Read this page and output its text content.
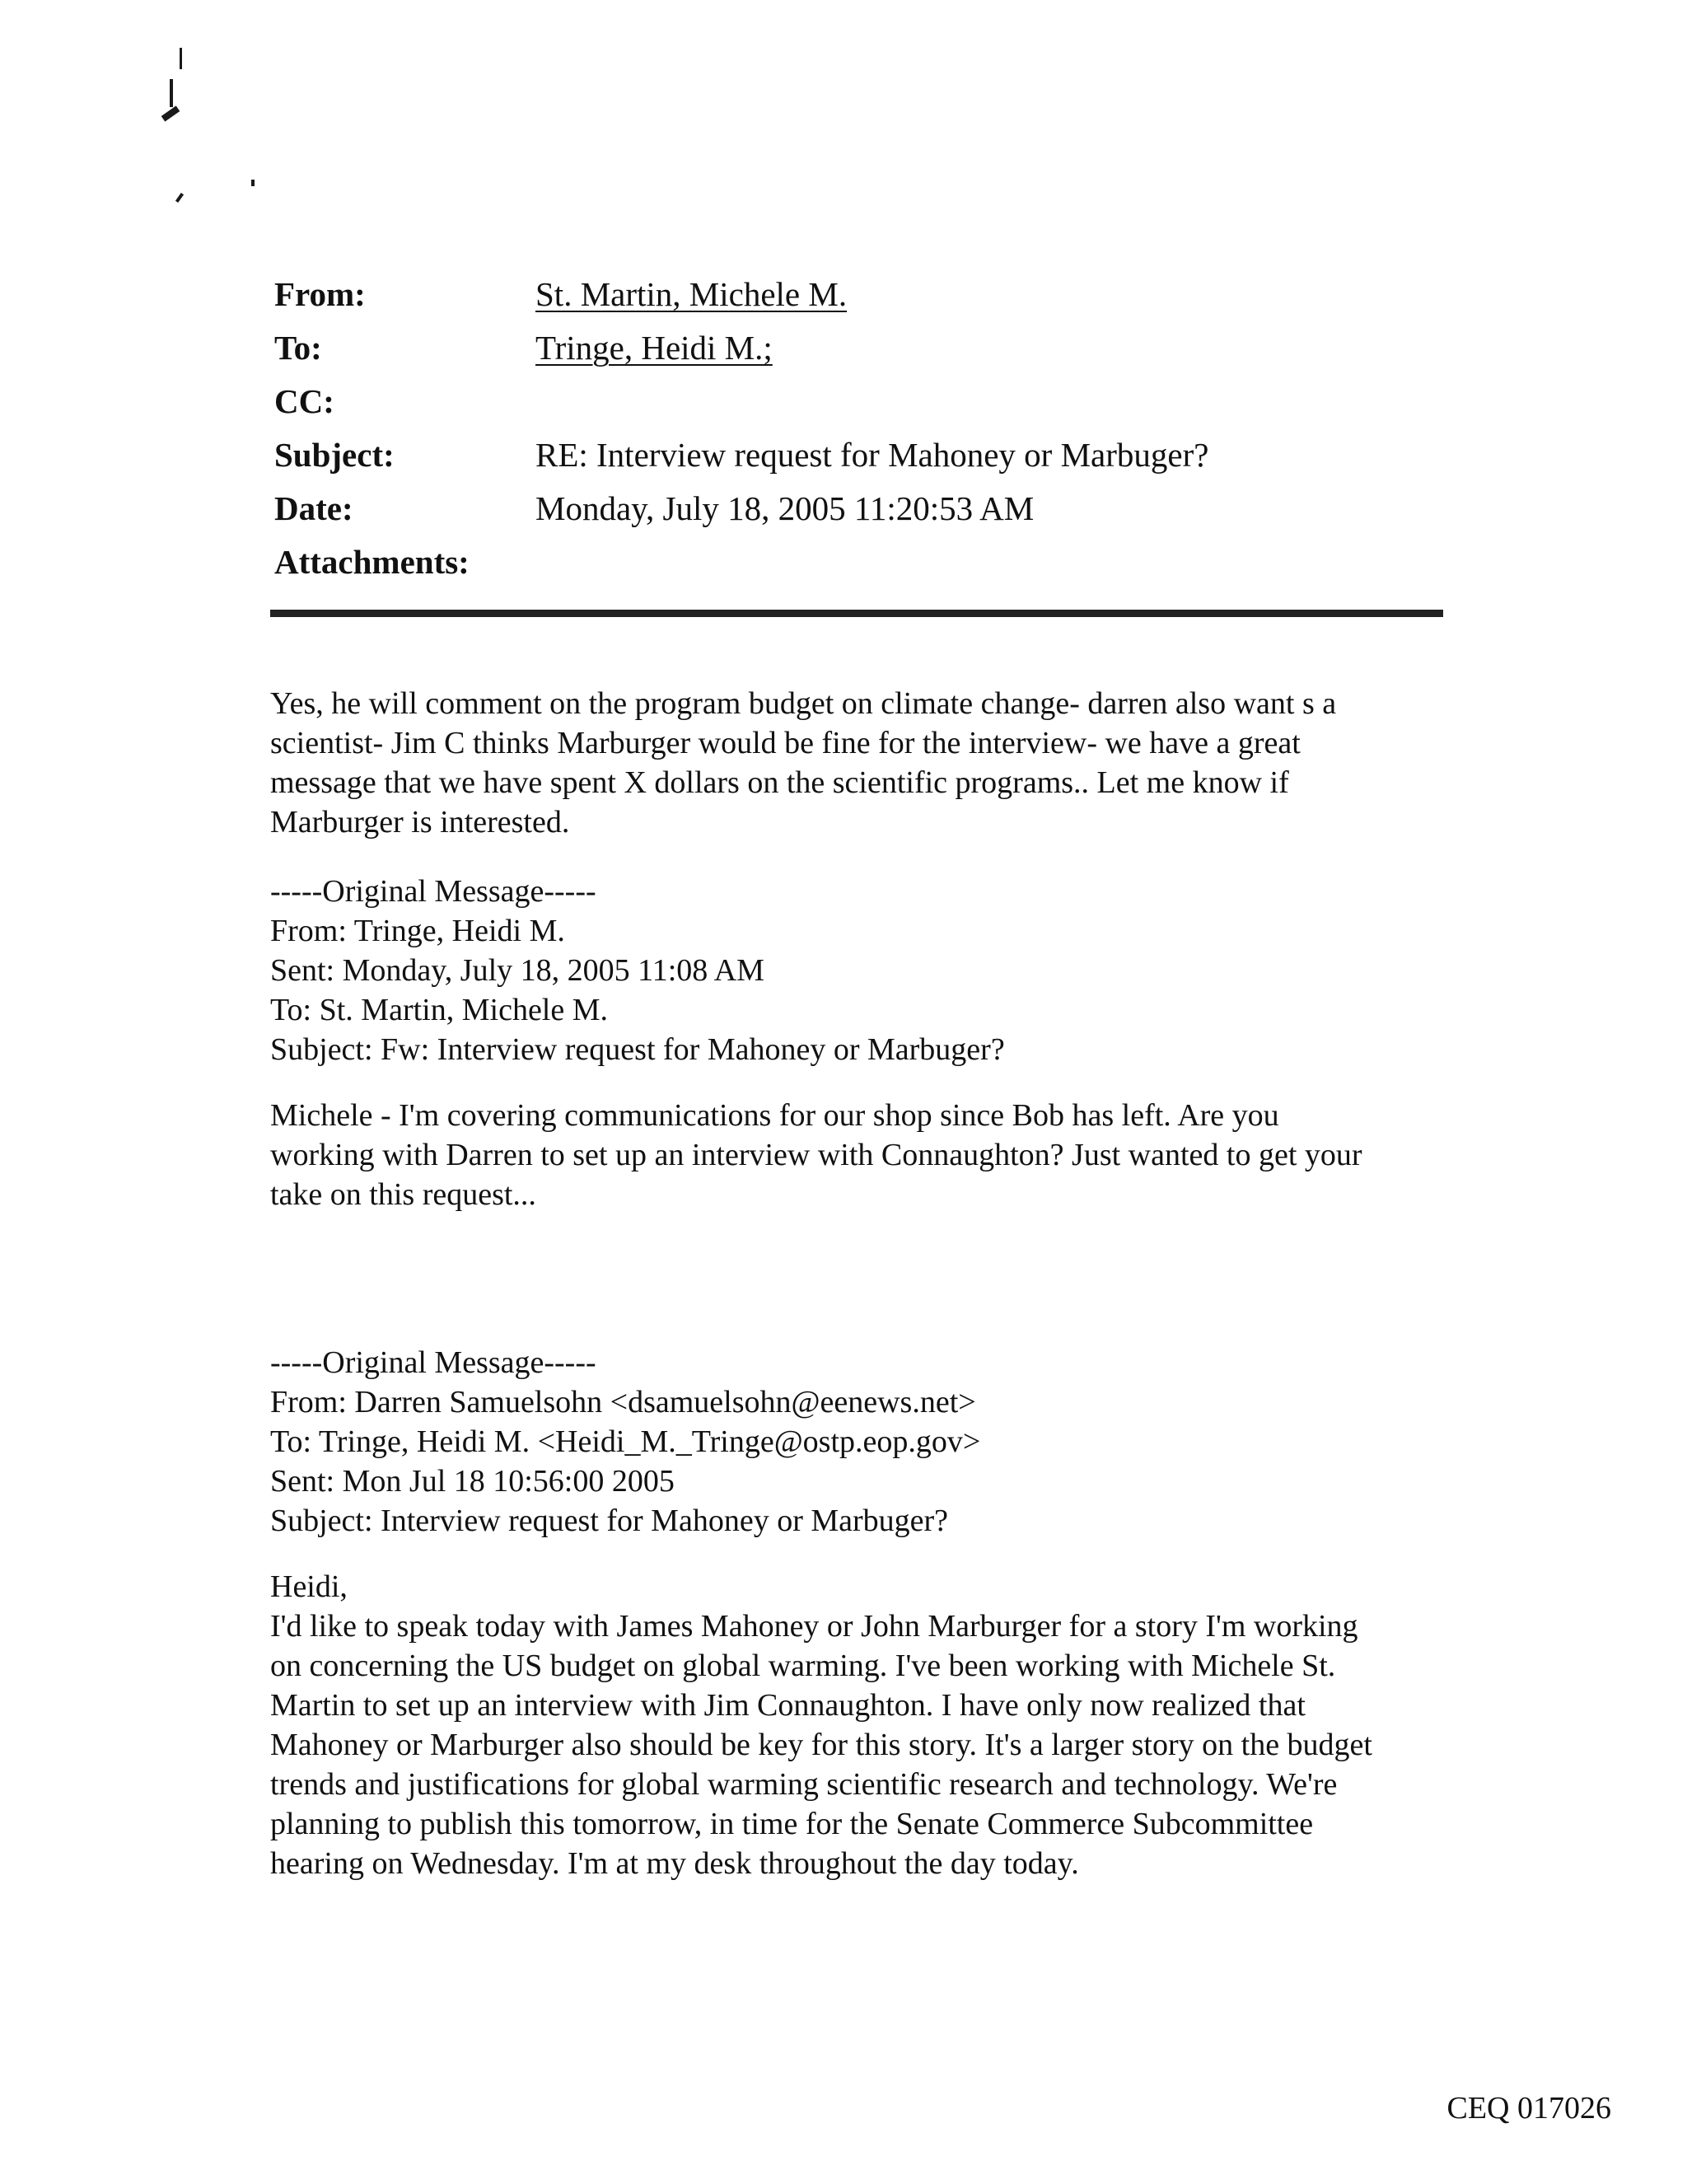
From:	St. Martin, Michele M.
To:	Tringe, Heidi M.;
CC:
Subject:	RE: Interview request for Mahoney or Marbuger?
Date:	Monday, July 18, 2005 11:20:53 AM
Attachments:

Yes, he will comment on the program budget on climate change- darren also want s a

scientist- Jim C thinks Marburger would be fine for the interview- we have a great

message that we have spent X dollars on the scientific programs.. Let me know if

Marburger is interested.

-----Original Message-----

From: Tringe, Heidi M.

Sent: Monday, July 18, 2005 11:08 AM

To: St. Martin, Michele M.

Subject: Fw: Interview request for Mahoney or Marbuger?

Michele - I'm covering communications for our shop since Bob has left. Are you

working with Darren to set up an interview with Connaughton? Just wanted to get your

take on this request...

-----Original Message-----

From: Darren Samuelsohn <dsamuelsohn@eenews.net>

To: Tringe, Heidi M. <Heidi_M._Tringe@ostp.eop.gov>

Sent: Mon Jul 18 10:56:00 2005

Subject: Interview request for Mahoney or Marbuger?

Heidi,

I'd like to speak today with James Mahoney or John Marburger for a story I'm working

on concerning the US budget on global warming. I've been working with Michele St.

Martin to set up an interview with Jim Connaughton. I have only now realized that

Mahoney or Marburger also should be key for this story. It's a larger story on the budget

trends and justifications for global warming scientific research and technology. We're

planning to publish this tomorrow, in time for the Senate Commerce Subcommittee

hearing on Wednesday. I'm at my desk throughout the day today.

CEQ 017026
